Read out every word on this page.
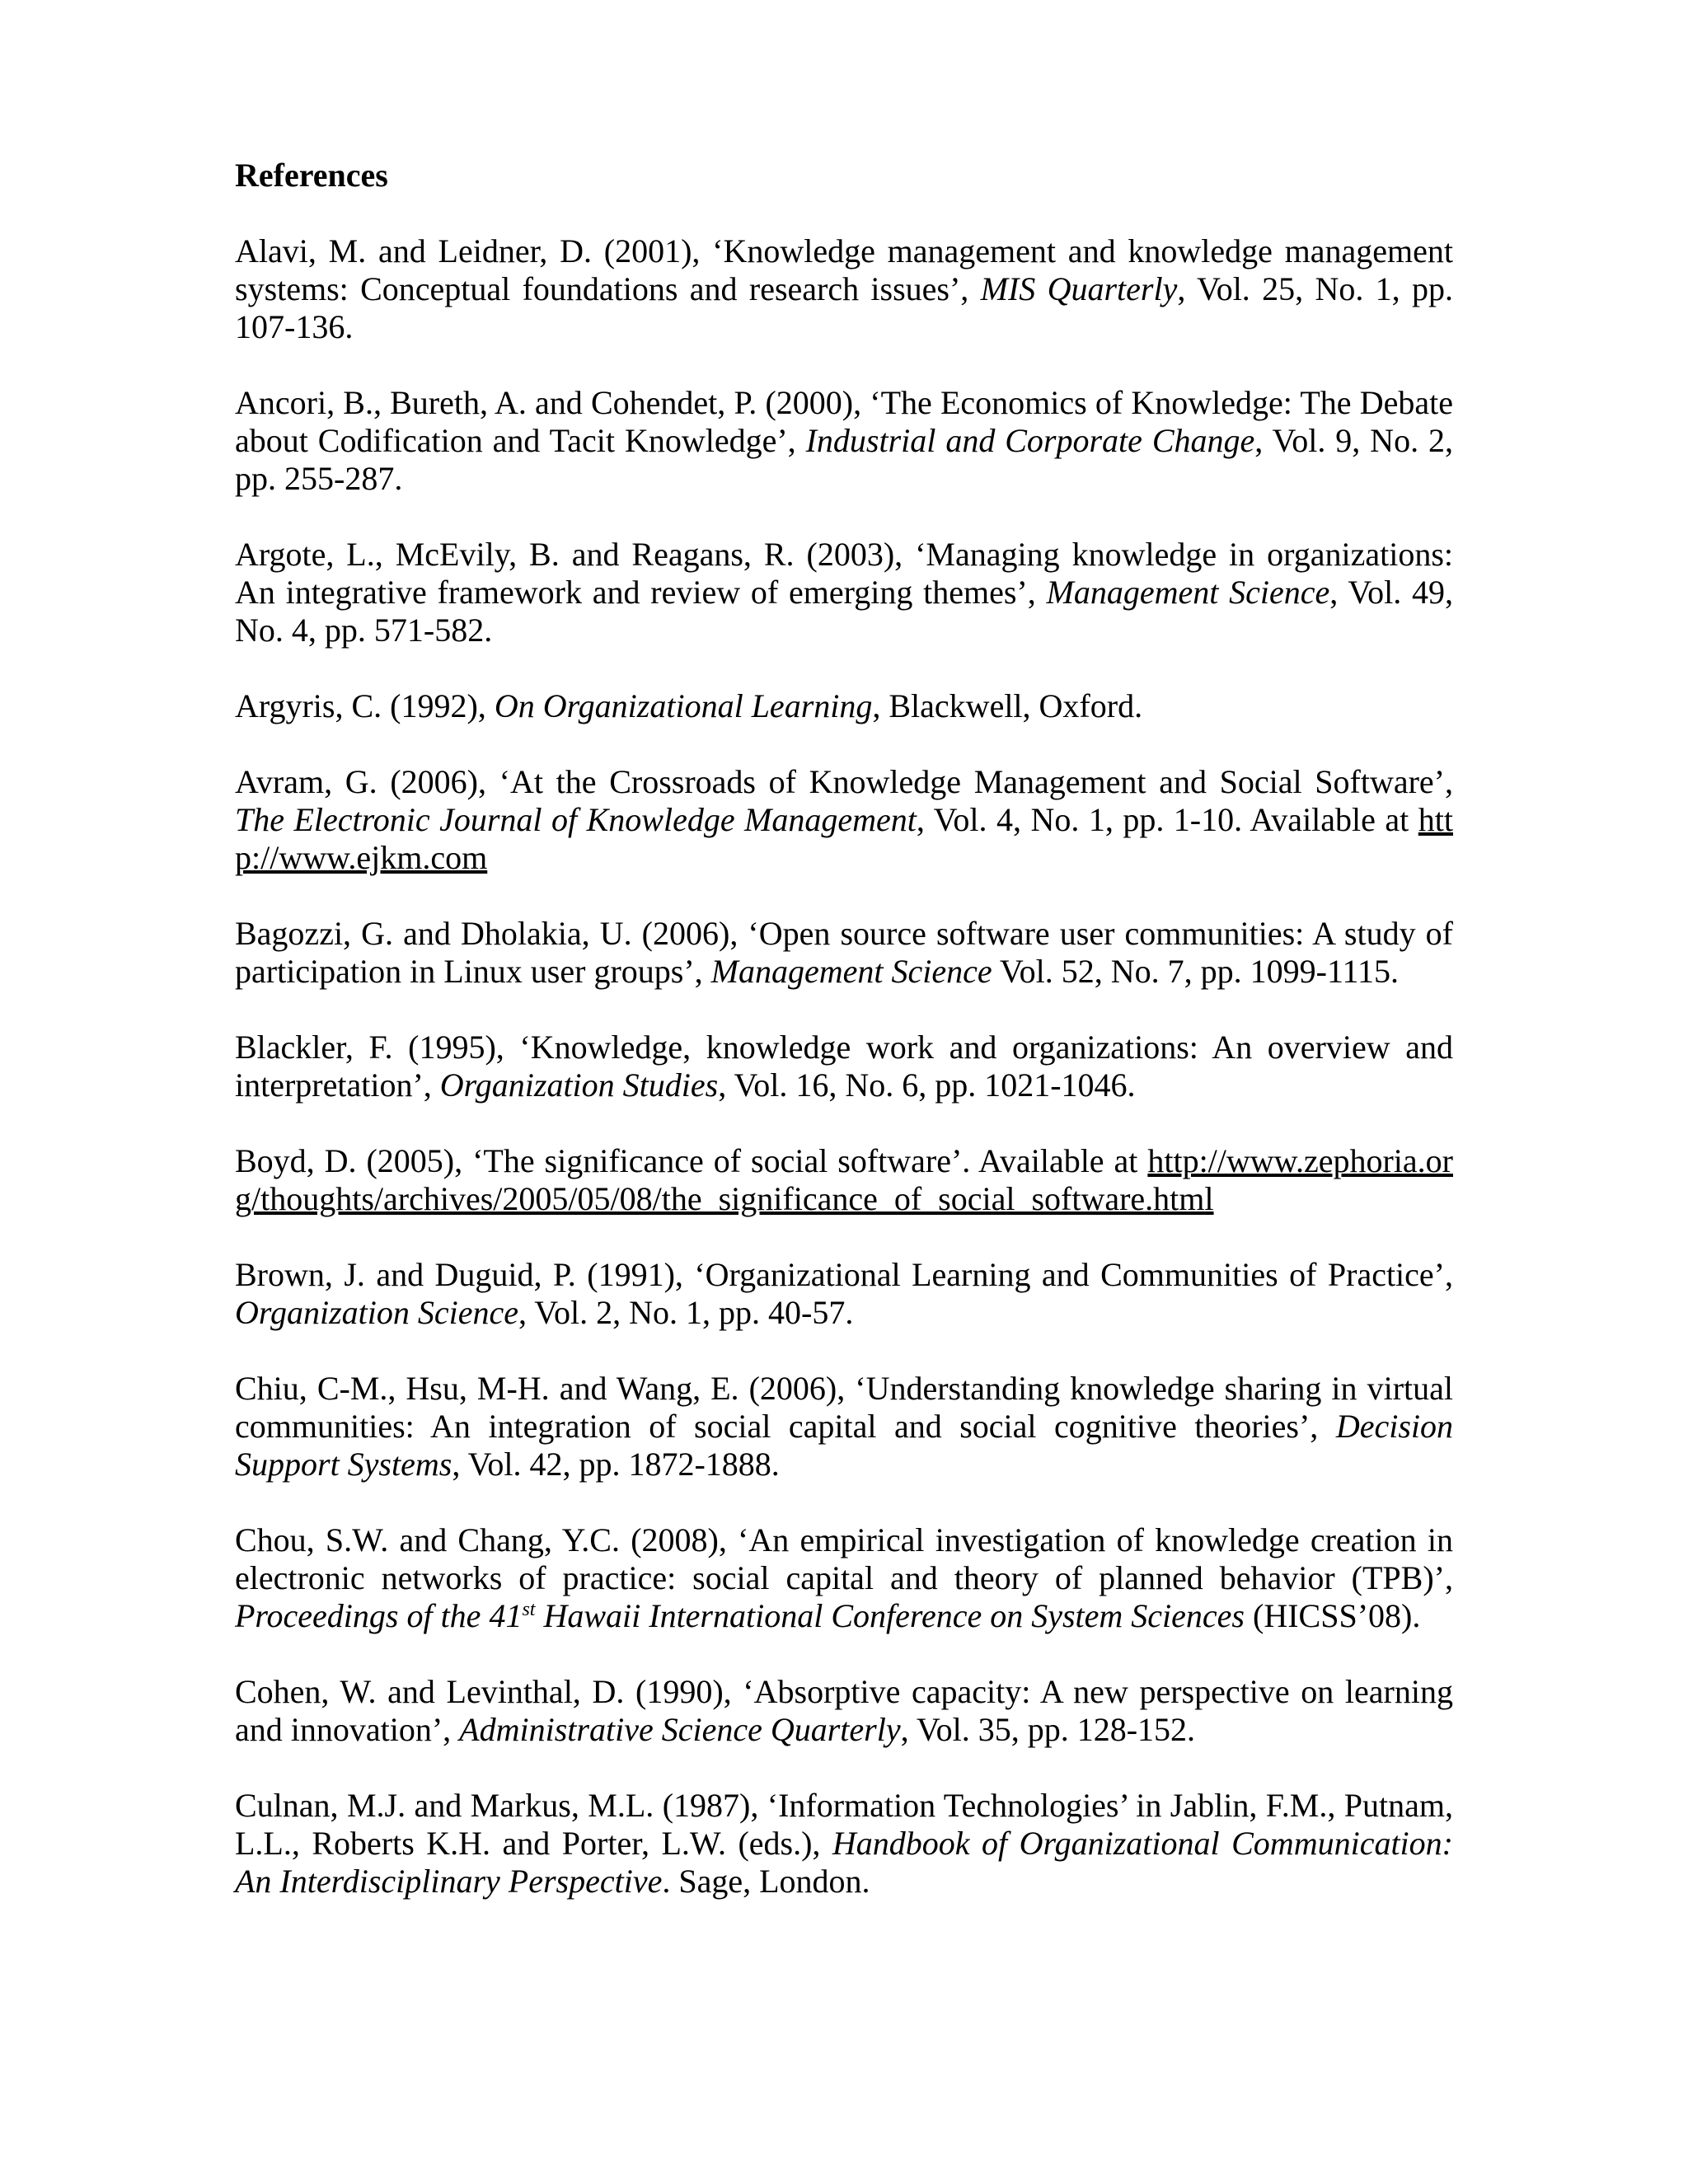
References

Alavi, M. and Leidner, D. (2001), ‘Knowledge management and knowledge management systems: Conceptual foundations and research issues’, MIS Quarterly, Vol. 25, No. 1, pp. 107-136.

Ancori, B., Bureth, A. and Cohendet, P. (2000), ‘The Economics of Knowledge: The Debate about Codification and Tacit Knowledge’, Industrial and Corporate Change, Vol. 9, No. 2, pp. 255-287.

Argote, L., McEvily, B. and Reagans, R. (2003), ‘Managing knowledge in organizations: An integrative framework and review of emerging themes’, Management Science, Vol. 49, No. 4, pp. 571-582.

Argyris, C. (1992), On Organizational Learning, Blackwell, Oxford.

Avram, G. (2006), ‘At the Crossroads of Knowledge Management and Social Software’, The Electronic Journal of Knowledge Management, Vol. 4, No. 1, pp. 1-10. Available at http://www.ejkm.com

Bagozzi, G. and Dholakia, U. (2006), ‘Open source software user communities: A study of participation in Linux user groups’, Management Science Vol. 52, No. 7, pp. 1099-1115.

Blackler, F. (1995), ‘Knowledge, knowledge work and organizations: An overview and interpretation’, Organization Studies, Vol. 16, No. 6, pp. 1021-1046.

Boyd, D. (2005), ‘The significance of social software’. Available at http://www.zephoria.org/thoughts/archives/2005/05/08/the_significance_of_social_software.html

Brown, J. and Duguid, P. (1991), ‘Organizational Learning and Communities of Practice’, Organization Science, Vol. 2, No. 1, pp. 40-57.

Chiu, C-M., Hsu, M-H. and Wang, E. (2006), ‘Understanding knowledge sharing in virtual communities: An integration of social capital and social cognitive theories’, Decision Support Systems, Vol. 42, pp. 1872-1888.

Chou, S.W. and Chang, Y.C. (2008), ‘An empirical investigation of knowledge creation in electronic networks of practice: social capital and theory of planned behavior (TPB)’, Proceedings of the 41st Hawaii International Conference on System Sciences (HICSS’08).

Cohen, W. and Levinthal, D. (1990), ‘Absorptive capacity: A new perspective on learning and innovation’, Administrative Science Quarterly, Vol. 35, pp. 128-152.

Culnan, M.J. and Markus, M.L. (1987), ‘Information Technologies’ in Jablin, F.M., Putnam, L.L., Roberts K.H. and Porter, L.W. (eds.), Handbook of Organizational Communication: An Interdisciplinary Perspective. Sage, London.
